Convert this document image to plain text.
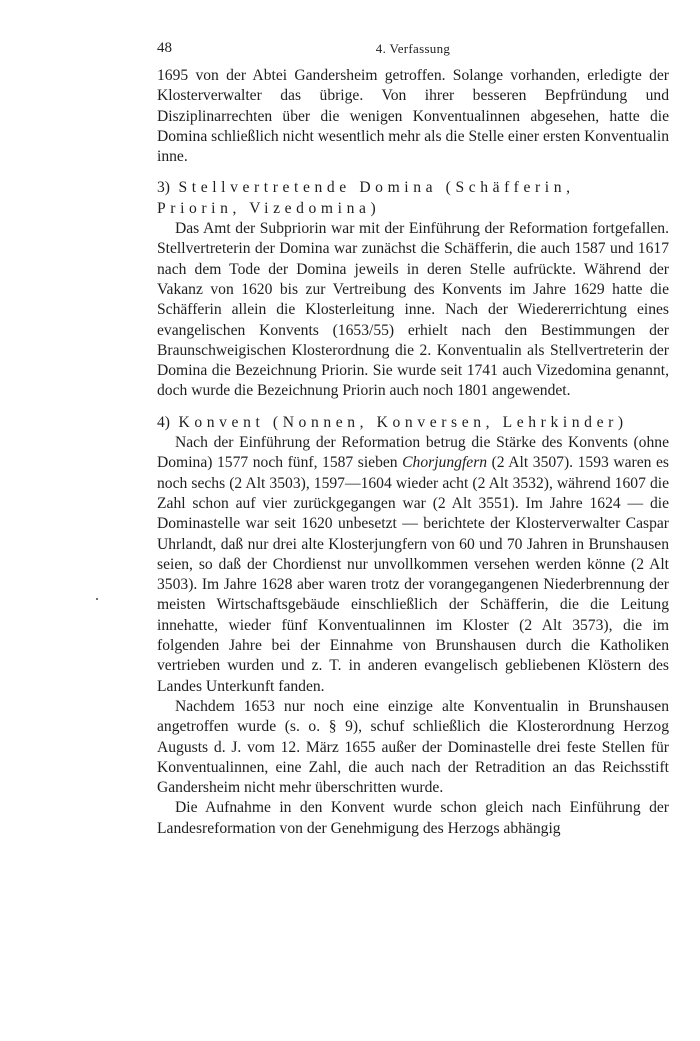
48	4. Verfassung

1695 von der Abtei Gandersheim getroffen. Solange vorhanden, erledigte der Klosterverwalter das übrige. Von ihrer besseren Bepfründung und Disziplinarrechten über die wenigen Konventualinnen abgesehen, hatte die Domina schließlich nicht wesentlich mehr als die Stelle einer ersten Konventualin inne.

3) Stellvertretende Domina (Schäfferin,
Priorin, Vizedomina)

Das Amt der Subpriorin war mit der Einführung der Reformation fortgefallen. Stellvertreterin der Domina war zunächst die Schäfferin, die auch 1587 und 1617 nach dem Tode der Domina jeweils in deren Stelle aufrückte. Während der Vakanz von 1620 bis zur Vertreibung des Konvents im Jahre 1629 hatte die Schäfferin allein die Klosterleitung inne. Nach der Wiedererrichtung eines evangelischen Konvents (1653/55) erhielt nach den Bestimmungen der Braunschweigischen Klosterordnung die 2. Konventualin als Stellvertreterin der Domina die Bezeichnung Priorin. Sie wurde seit 1741 auch Vizedomina genannt, doch wurde die Bezeichnung Priorin auch noch 1801 angewendet.

4) Konvent (Nonnen, Konversen, Lehrkinder)

Nach der Einführung der Reformation betrug die Stärke des Konvents (ohne Domina) 1577 noch fünf, 1587 sieben Chorjungfern (2 Alt 3507). 1593 waren es noch sechs (2 Alt 3503), 1597—1604 wieder acht (2 Alt 3532), während 1607 die Zahl schon auf vier zurückgegangen war (2 Alt 3551). Im Jahre 1624 — die Dominastelle war seit 1620 unbesetzt — berichtete der Klosterverwalter Caspar Uhrlandt, daß nur drei alte Klosterjungfern von 60 und 70 Jahren in Brunshausen seien, so daß der Chordienst nur unvollkommen versehen werden könne (2 Alt 3503). Im Jahre 1628 aber waren trotz der vorangegangenen Niederbrennung der meisten Wirtschaftsgebäude einschließlich der Schäfferin, die die Leitung innehatte, wieder fünf Konventualinnen im Kloster (2 Alt 3573), die im folgenden Jahre bei der Einnahme von Brunshausen durch die Katholiken vertrieben wurden und z. T. in anderen evangelisch gebliebenen Klöstern des Landes Unterkunft fanden.

Nachdem 1653 nur noch eine einzige alte Konventualin in Brunshausen angetroffen wurde (s. o. § 9), schuf schließlich die Klosterordnung Herzog Augusts d. J. vom 12. März 1655 außer der Dominastelle drei feste Stellen für Konventualinnen, eine Zahl, die auch nach der Retradition an das Reichsstift Gandersheim nicht mehr überschritten wurde.

Die Aufnahme in den Konvent wurde schon gleich nach Einführung der Landesreformation von der Genehmigung des Herzogs abhängig
